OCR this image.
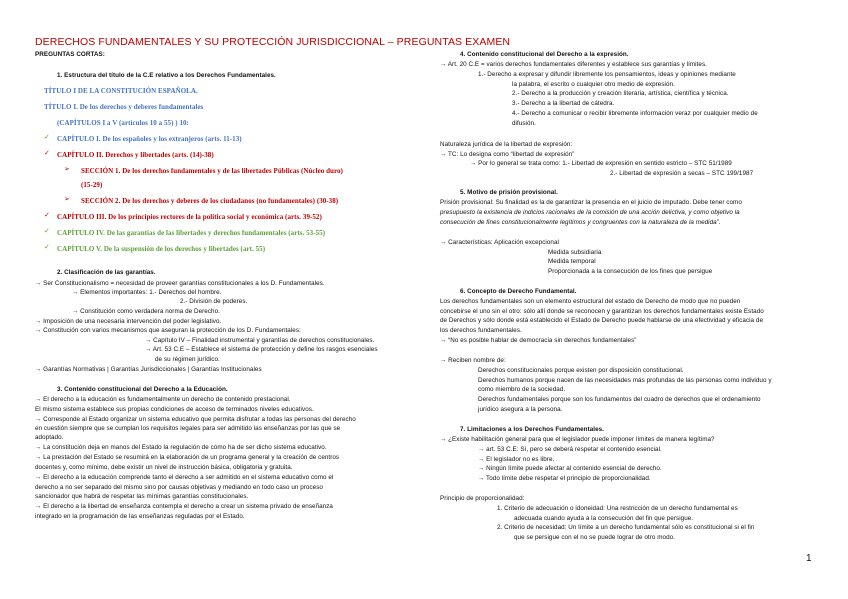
DERECHOS FUNDAMENTALES Y SU PROTECCIÓN JURISDICCIONAL – PREGUNTAS EXAMEN
PREGUNTAS CORTAS:
1. Estructura del título de la C.E relativo a los Derechos Fundamentales.
TÍTULO I DE LA CONSTITUCIÓN ESPAÑOLA.
TÍTULO I. De los derechos y deberes fundamentales
(CAPÍTULOS I a V (artículos 10 a 55) ) 10:
✓ CAPÍTULO I. De los españoles y los extranjeros (arts. 11-13)
✓ CAPÍTULO II. Derechos y libertades (arts. (14)-38)
➢ SECCIÓN 1. De los derechos fundamentales y de las libertades Públicas (Núcleo duro)
(15-29)
➢ SECCIÓN 2. De los derechos y deberes de los ciudadanos (no fundamentales) (30-38)
✓ CAPÍTULO III. De los principios rectores de la política social y económica (arts. 39-52)
✓ CAPÍTULO IV. De las garantías de las libertades y derechos fundamentales (arts. 53-55)
✓ CAPÍTULO V. De la suspensión de los derechos y libertades (art. 55)
2. Clasificación de las garantías.
→ Ser Constitucionalismo = necesidad de proveer garantías constitucionales a los D. Fundamentales.
→ Elementos importantes: 1.- Derechos del hombre.
2.- División de poderes.
→ Constitución como verdadera norma de Derecho.
→ Imposición de una necesaria intervención del poder legislativo.
→ Constitución con varios mecanismos que aseguran la protección de los D. Fundamentales:
→ Capítulo IV – Finalidad instrumental y garantías de derechos constitucionales.
→ Art. 53 C.E – Establece el sistema de protección y define los rasgos esenciales
de su régimen jurídico.
→ Garantías Normativas | Garantías Jurisdiccionales | Garantías Institucionales
3. Contenido constitucional del Derecho a la Educación.
→ El derecho a la educación es fundamentalmente un derecho de contenido prestacional.
El mismo sistema establece sus propias condiciones de acceso de terminados niveles educativos.
→ Corresponde al Estado organizar un sistema educativo que permita disfrutar a todas las personas del derecho
en cuestión siempre que se cumplan los requisitos legales para ser admitido las enseñanzas por las que se
adoptado.
→ La constitución deja en manos del Estado la regulación de cómo ha de ser dicho sistema educativo.
→ La prestación del Estado se resumirá en la elaboración de un programa general y la creación de centros
docentes y, como mínimo, debe existir un nivel de instrucción básica, obligatoria y gratuita.
→ El derecho a la educación comprende tanto el derecho a ser admitido en el sistema educativo como el
derecho a no ser separado del mismo sino por causas objetivas y mediando en todo caso un proceso
sancionador que habrá de respetar las mínimas garantías constitucionales.
→ El derecho a la libertad de enseñanza contempla el derecho a crear un sistema privado de enseñanza
integrado en la programación de las enseñanzas reguladas por el Estado.
4. Contenido constitucional del Derecho a la expresión.
→ Art. 20 C.E = varios derechos fundamentales diferentes y establece sus garantías y límites.
1.- Derecho a expresar y difundir libremente los pensamientos, ideas y opiniones mediante
la palabra, el escrito o cualquier otro medio de expresión.
2.- Derecho a la producción y creación literaria, artística, científica y técnica.
3.- Derecho a la libertad de cátedra.
4.- Derecho a comunicar o recibir libremente información veraz por cualquier medio de
difusión.
Naturaleza jurídica de la libertad de expresión:
→ TC: Lo designa como “libertad de expresión”
→ Por lo general se trata como: 1.- Libertad de expresión en sentido estricto – STC 51/1989
2.- Libertad de expresión a secas – STC 199/1987
5. Motivo de prisión provisional.
Prisión provisional: Su finalidad es la de garantizar la presencia en el juicio de imputado. Debe tener como
presupuesto la existencia de indicios racionales de la comisión de una acción delictiva, y como objetivo la
consecución de fines constitucionalmente legítimos y congruentes con la naturaleza de la medida”.
→ Características: Aplicación excepcional
Medida subsidiaria
Medida temporal
Proporcionada a la consecución de los fines que persigue
6. Concepto de Derecho Fundamental.
Los derechos fundamentales son un elemento estructural del estado de Derecho de modo que no pueden
concebirse el uno sin el otro: sólo allí donde se reconocen y garantizan los derechos fundamentales existe Estado
de Derechos y sólo donde está establecido el Estado de Derecho puede hablarse de una efectividad y eficacia de
los derechos fundamentales.
→ “No es posible hablar de democracia sin derechos fundamentales”
→ Reciben nombre de:
Derechos constitucionales porque existen por disposición constitucional.
Derechos humanos porque nacen de las necesidades más profundas de las personas como individuo y
como miembro de la sociedad.
Derechos fundamentales porque son los fundamentos del cuadro de derechos que el ordenamiento
jurídico asegura a la persona.
7. Limitaciones a los Derechos Fundamentales.
→ ¿Existe habilitación general para que el legislador puede imponer límites de manera legítima?
→ art. 53 C.E: Sí, pero se deberá respetar el contenido esencial.
→ El legislador no es libre.
→ Ningún límite puede afectar al contenido esencial de derecho.
→ Todo límite debe respetar el principio de proporcionalidad.
Principio de proporcionalidad:
1. Criterio de adecuación o idoneidad: Una restricción de un derecho fundamental es
adecuada cuando ayuda a la consecución del fin que persigue.
2. Criterio de necesidad: Un límite a un derecho fundamental sólo es constitucional si el fin
que se persigue con el no se puede lograr de otro modo.
1
